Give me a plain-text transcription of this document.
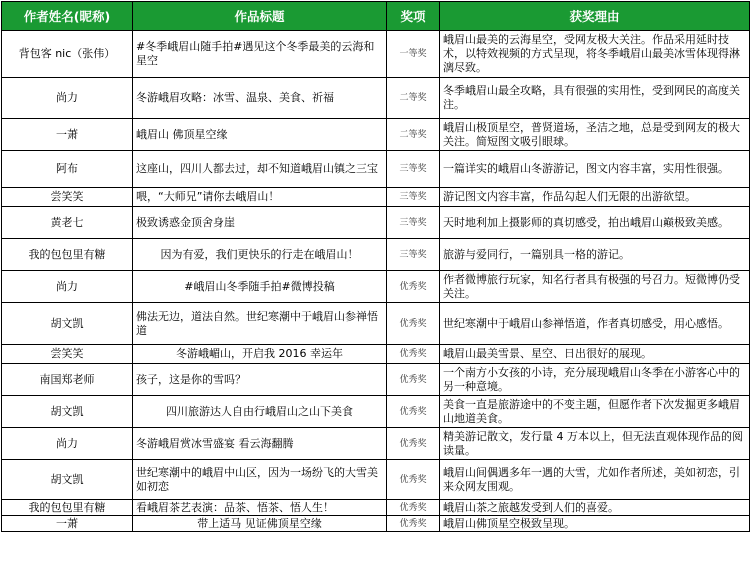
作者姓名(昵称)	作品标题	奖项	获奖理由
背包客 nic（张伟）	#冬季峨眉山随手拍#遇见这个冬季最美的云海和星空	一等奖	峨眉山最美的云海星空，受网友极大关注。作品采用延时技术，以特效视频的方式呈现，将冬季峨眉山最美冰雪体现得淋漓尽致。
尚力	冬游峨眉攻略：冰雪、温泉、美食、祈福	二等奖	冬季峨眉山最全攻略，具有很强的实用性，受到网民的高度关注。
一萧	峨眉山 佛顶星空缘	二等奖	峨眉山极顶星空，普贤道场，圣洁之地，总是受到网友的极大关注。简短图文吸引眼球。
阿布	这座山，四川人都去过，却不知道峨眉山镇之三宝	三等奖	一篇详实的峨眉山冬游游记，图文内容丰富，实用性很强。
尝笑笑	喂，“大师兄”请你去峨眉山！	三等奖	游记图文内容丰富，作品勾起人们无限的出游欲望。
黄老七	极致诱惑金顶舍身崖	三等奖	天时地利加上摄影师的真切感受，拍出峨眉山巅极致美感。
我的包包里有糖	因为有爱，我们更快乐的行走在峨眉山！	三等奖	旅游与爱同行，一篇别具一格的游记。
尚力	#峨眉山冬季随手拍#微博投稿	优秀奖	作者微博旅行玩家，知名行者具有极强的号召力。短微博仍受关注。
胡文凯	佛法无边，道法自然。世纪寒潮中于峨眉山参禅悟道	优秀奖	世纪寒潮中于峨眉山参禅悟道，作者真切感受，用心感悟。
尝笑笑	冬游峨嵋山，开启我 2016 幸运年	优秀奖	峨眉山最美雪景、星空、日出很好的展现。
南国郑老师	孩子，这是你的雪吗？	优秀奖	一个南方小女孩的小诗，充分展现峨眉山冬季在小游客心中的另一种意境。
胡文凯	四川旅游达人自由行峨眉山之山下美食	优秀奖	美食一直是旅游途中的不变主题，但愿作者下次发掘更多峨眉山地道美食。
尚力	冬游峨眉赏冰雪盛宴 看云海翻腾	优秀奖	精美游记散文，发行量 4 万本以上，但无法直观体现作品的阅读量。
胡文凯	世纪寒潮中的峨眉中山区，因为一场纷飞的大雪美如初恋	优秀奖	峨眉山间偶遇多年一遇的大雪，尤如作者所述，美如初恋，引来众网友围观。
我的包包里有糖	看峨眉茶艺表演：品茶、悟茶、悟人生！	优秀奖	峨眉山茶之旅越发受到人们的喜爱。
一萧	带上适马 见证佛顶星空缘	优秀奖	峨眉山佛顶星空极致呈现。
